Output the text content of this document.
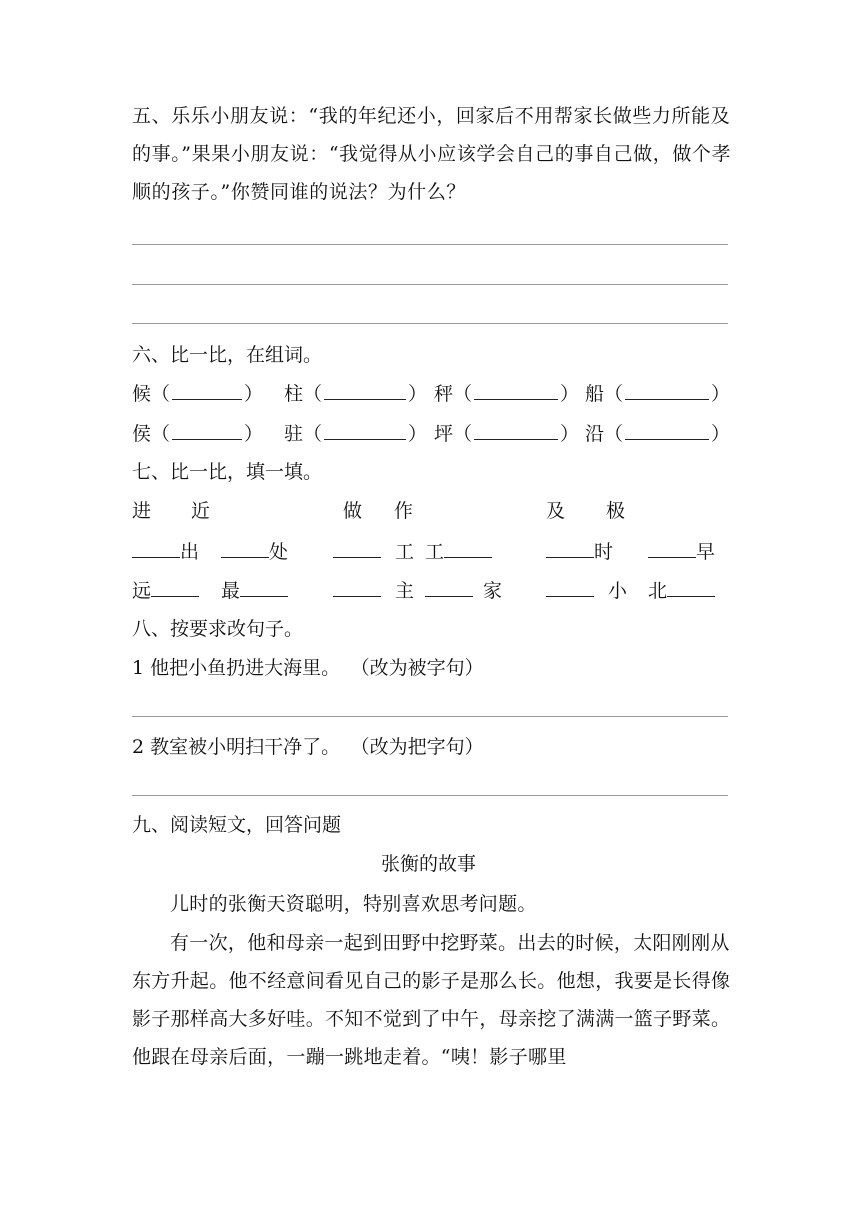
五、乐乐小朋友说：“我的年纪还小，回家后不用帮家长做些力所能及的事。”果果小朋友说：“我觉得从小应该学会自己的事自己做，做个孝顺的孩子。”你赞同谁的说法？为什么？
六、比一比，在组词。
候（	） 柱（	） 秤（	） 船（	）
侯（	） 驻（	） 坪（	） 沿（	）
七、比一比，填一填。
进 近	做 作	及 极
出	处	工 工	时	早
远	最	主	家	小 北
八、按要求改句子。
1 他把小鱼扔进大海里。 （改为被字句）
2 教室被小明扫干净了。 （改为把字句）
九、阅读短文，回答问题
张衡的故事
儿时的张衡天资聪明，特别喜欢思考问题。
有一次，他和母亲一起到田野中挖野菜。出去的时候，太阳刚刚从东方升起。他不经意间看见自己的影子是那么长。他想，我要是长得像影子那样高大多好哇。不知不觉到了中午，母亲挖了满满一篮子野菜。他跟在母亲后面，一蹦一跳地走着。“咦！影子哪里
